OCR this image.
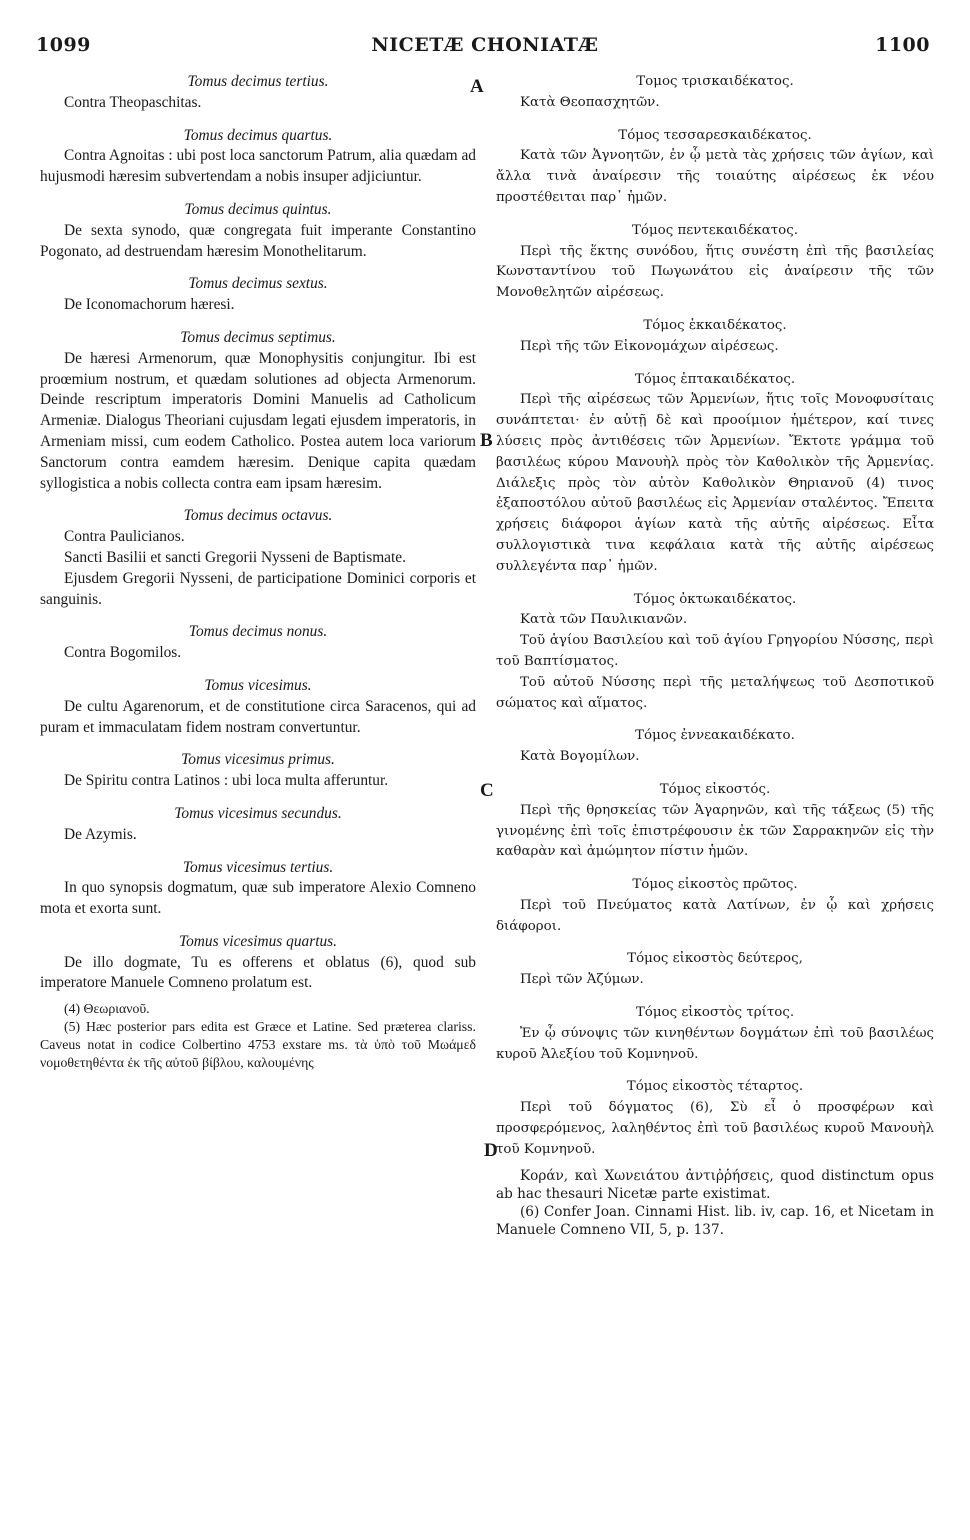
NICETÆ CHONIATÆ
1099	1100
A
B
C
D
Tomus decimus tertius.

Contra Theopaschitas.

Tomus decimus quartus.

Contra Agnoitas : ubi post loca sanctorum Patrum, alia quædam ad hujusmodi hæresim subvertendam a nobis insuper adjiciuntur.

Tomus decimus quintus.

De sexta synodo, quæ congregata fuit imperante Constantino Pogonato, ad destruendam hæresim Monothelitarum.

Tomus decimus sextus.

De Iconomachorum hæresi.

Tomus decimus septimus.

De hæresi Armenorum, quæ Monophysitis conjungitur. Ibi est proœmium nostrum, et quædam solutiones ad objecta Armenorum. Deinde rescriptum imperatoris Domini Manuelis ad Catholicum Armeniæ. Dialogus Theoriani cujusdam legati ejusdem imperatoris, in Armeniam missi, cum eodem Catholico. Postea autem loca variorum Sanctorum contra eamdem hæresim. Denique capita quædam syllogistica a nobis collecta contra eam ipsam hæresim.

Tomus decimus octavus.

Contra Paulicianos.

Sancti Basilii et sancti Gregorii Nysseni de Baptismate.

Ejusdem Gregorii Nysseni, de participatione Dominici corporis et sanguinis.

Tomus decimus nonus.

Contra Bogomilos.

Tomus vicesimus.

De cultu Agarenorum, et de constitutione circa Saracenos, qui ad puram et immaculatam fidem nostram convertuntur.

Tomus vicesimus primus.

De Spiritu contra Latinos : ubi loca multa afferuntur.

Tomus vicesimus secundus.

De Azymis.

Tomus vicesimus tertius.

In quo synopsis dogmatum, quæ sub imperatore Alexio Comneno mota et exorta sunt.

Tomus vicesimus quartus.

De illo dogmate, Tu es offerens et oblatus (6), quod sub imperatore Manuele Comneno prolatum est.

(4) Θεωριανοῦ.

(5) Hæc posterior pars edita est Græce et Latine. Sed præterea clariss. Caveus notat in codice Colbertino 4753 exstare ms. τὰ ὑπὸ τοῦ Μωάμεδ νομοθετηθέντα ἐκ τῆς αὐτοῦ βίβλου, καλουμένης

Τομος τρισκαιδέκατος.

Κατὰ Θεοπασχητῶν.

Τόμος τεσσαρεσκαιδέκατος.

Κατὰ τῶν Ἀγνοητῶν, ἐν ᾧ μετὰ τὰς χρήσεις τῶν ἁγίων, καὶ ἄλλα τινὰ ἀναίρεσιν τῆς τοιαύτης αἱρέσεως ἐκ νέου προστέθειται παρ᾽ ἡμῶν.

Τόμος πεντεκαιδέκατος.

Περὶ τῆς ἕκτης συνόδου, ἥτις συνέστη ἐπὶ τῆς βασιλείας Κωνσταντίνου τοῦ Πωγωνάτου εἰς ἀναίρεσιν τῆς τῶν Μονοθελητῶν αἱρέσεως.

Τόμος ἑκκαιδέκατος.

Περὶ τῆς τῶν Εἰκονομάχων αἱρέσεως.

Τόμος ἑπτακαιδέκατος.

Περὶ τῆς αἱρέσεως τῶν Ἀρμενίων, ἥτις τοῖς Μονοφυσίταις συνάπτεται· ἐν αὐτῇ δὲ καὶ προοίμιον ἡμέτερον, καί τινες λύσεις πρὸς ἀντιθέσεις τῶν Ἀρμενίων. Ἔκτοτε γράμμα τοῦ βασιλέως κύρου Μανουὴλ πρὸς τὸν Καθολικὸν τῆς Ἀρμενίας. Διάλεξις πρὸς τὸν αὐτὸν Καθολικὸν Θηριανοῦ (4) τινος ἐξαποστόλου αὐτοῦ βασιλέως εἰς Ἀρμενίαν σταλέντος. Ἔπειτα χρήσεις διάφοροι ἁγίων κατὰ τῆς αὐτῆς αἱρέσεως. Εἶτα συλλογιστικὰ τινα κεφάλαια κατὰ τῆς αὐτῆς αἱρέσεως συλλεγέντα παρ᾽ ἡμῶν.

Τόμος ὀκτωκαιδέκατος.

Κατὰ τῶν Παυλικιανῶν.

Τοῦ ἁγίου Βασιλείου καὶ τοῦ ἁγίου Γρηγορίου Νύσσης, περὶ τοῦ Βαπτίσματος.

Τοῦ αὐτοῦ Νύσσης περὶ τῆς μεταλήψεως τοῦ Δεσποτικοῦ σώματος καὶ αἵματος.

Τόμος ἐννεακαιδέκατο.

Κατὰ Βογομίλων.

Τόμος εἰκοστός.

Περὶ τῆς θρησκείας τῶν Ἀγαρηνῶν, καὶ τῆς τάξεως (5) τῆς γινομένης ἐπὶ τοῖς ἐπιστρέφουσιν ἐκ τῶν Σαρρακηνῶν εἰς τὴν καθαρὰν καὶ ἀμώμητον πίστιν ἡμῶν.

Τόμος εἰκοστὸς πρῶτος.

Περὶ τοῦ Πνεύματος κατὰ Λατίνων, ἐν ᾧ καὶ χρήσεις διάφοροι.

Τόμος εἰκοστὸς δεύτερος,

Περὶ τῶν Ἀζύμων.

Τόμος εἰκοστὸς τρίτος.

Ἐν ᾧ σύνοψις τῶν κινηθέντων δογμάτων ἐπὶ τοῦ βασιλέως κυροῦ Ἀλεξίου τοῦ Κομνηνοῦ.

Τόμος εἰκοστὸς τέταρτος.

Περὶ τοῦ δόγματος (6), Σὺ εἶ ὁ προσφέρων καὶ προσφερόμενος, λαληθέντος ἐπὶ τοῦ βασιλέως κυροῦ Μανουὴλ τοῦ Κομνηνοῦ.

Κοράν, καὶ Χωνειάτου ἀντιῤῥήσεις, quod distinctum opus ab hac thesauri Nicetæ parte existimat.

(6) Confer Joan. Cinnami Hist. lib. iv, cap. 16, et Nicetam in Manuele Comneno VII, 5, p. 137.
